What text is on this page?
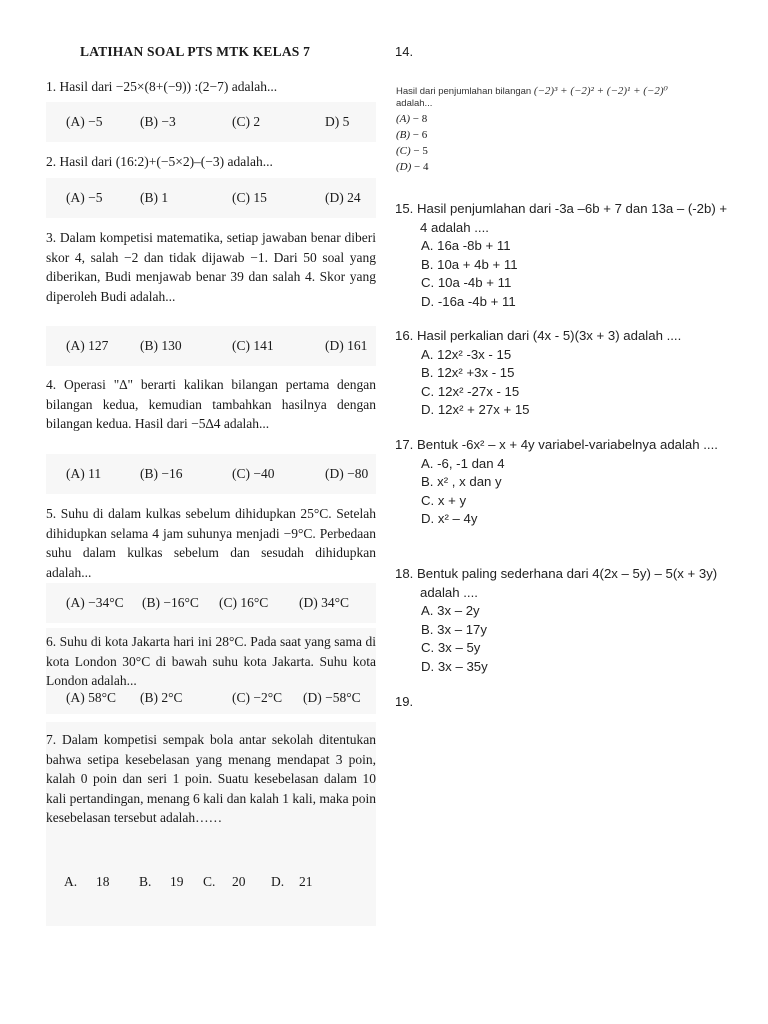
LATIHAN SOAL PTS MTK KELAS 7
1. Hasil dari −25×(8+(−9)) :(2−7) adalah...
(A) −5	(B) −3	(C) 2	D) 5
2. Hasil dari (16:2)+(−5×2)–(−3) adalah...
(A) −5	(B) 1	(C) 15	(D) 24
3. Dalam kompetisi matematika, setiap jawaban benar diberi skor 4, salah −2 dan tidak dijawab −1. Dari 50 soal yang diberikan, Budi menjawab benar 39 dan salah 4. Skor yang diperoleh Budi adalah...
(A) 127 (B) 130	(C) 141	(D) 161
4. Operasi "∆" berarti kalikan bilangan pertama dengan bilangan kedua, kemudian tambahkan hasilnya dengan bilangan kedua. Hasil dari −5∆4 adalah...
(A) 11	(B) −16	(C) −40	(D) −80
5. Suhu di dalam kulkas sebelum dihidupkan 25°C. Setelah dihidupkan selama 4 jam suhunya menjadi −9°C. Perbedaan suhu dalam kulkas sebelum dan sesudah dihidupkan adalah...
(A) −34°C (B) −16°C (C) 16°C (D) 34°C
6. Suhu di kota Jakarta hari ini 28°C. Pada saat yang sama di kota London 30°C di bawah suhu kota Jakarta. Suhu kota London adalah...
(A) 58°C (B) 2°C	(C) −2°C (D) −58°C
7. Dalam kompetisi sempak bola antar sekolah ditentukan bahwa setipa kesebelasan yang menang mendapat 3 poin, kalah 0 poin dan seri 1 poin. Suatu kesebelasan dalam 10 kali pertandingan, menang 6 kali dan kalah 1 kali, maka poin kesebelasan tersebut adalah……
A. 18 B. 19 C. 20 D. 21
14.
Hasil dari penjumlahan bilangan (−2)³ + (−2)² + (−2)¹ + (−2)⁰
adalah...
(A) − 8
(B) − 6
(C) − 5
(D) − 4
15. Hasil penjumlahan dari -3a –6b + 7 dan 13a – (-2b) + 4 adalah ....
A. 16a -8b + 11
B. 10a + 4b + 11
C. 10a -4b + 11
D. -16a -4b + 11
16. Hasil perkalian dari (4x - 5)(3x + 3) adalah ....
A. 12x² -3x - 15
B. 12x² +3x - 15
C. 12x² -27x - 15
D. 12x² + 27x + 15
17. Bentuk -6x² – x + 4y variabel-variabelnya adalah ....
A. -6, -1 dan 4
B. x² , x dan y
C. x + y
D. x² – 4y
18. Bentuk paling sederhana dari 4(2x – 5y) – 5(x + 3y) adalah ....
A. 3x – 2y
B. 3x – 17y
C. 3x – 5y
D. 3x – 35y
19.
